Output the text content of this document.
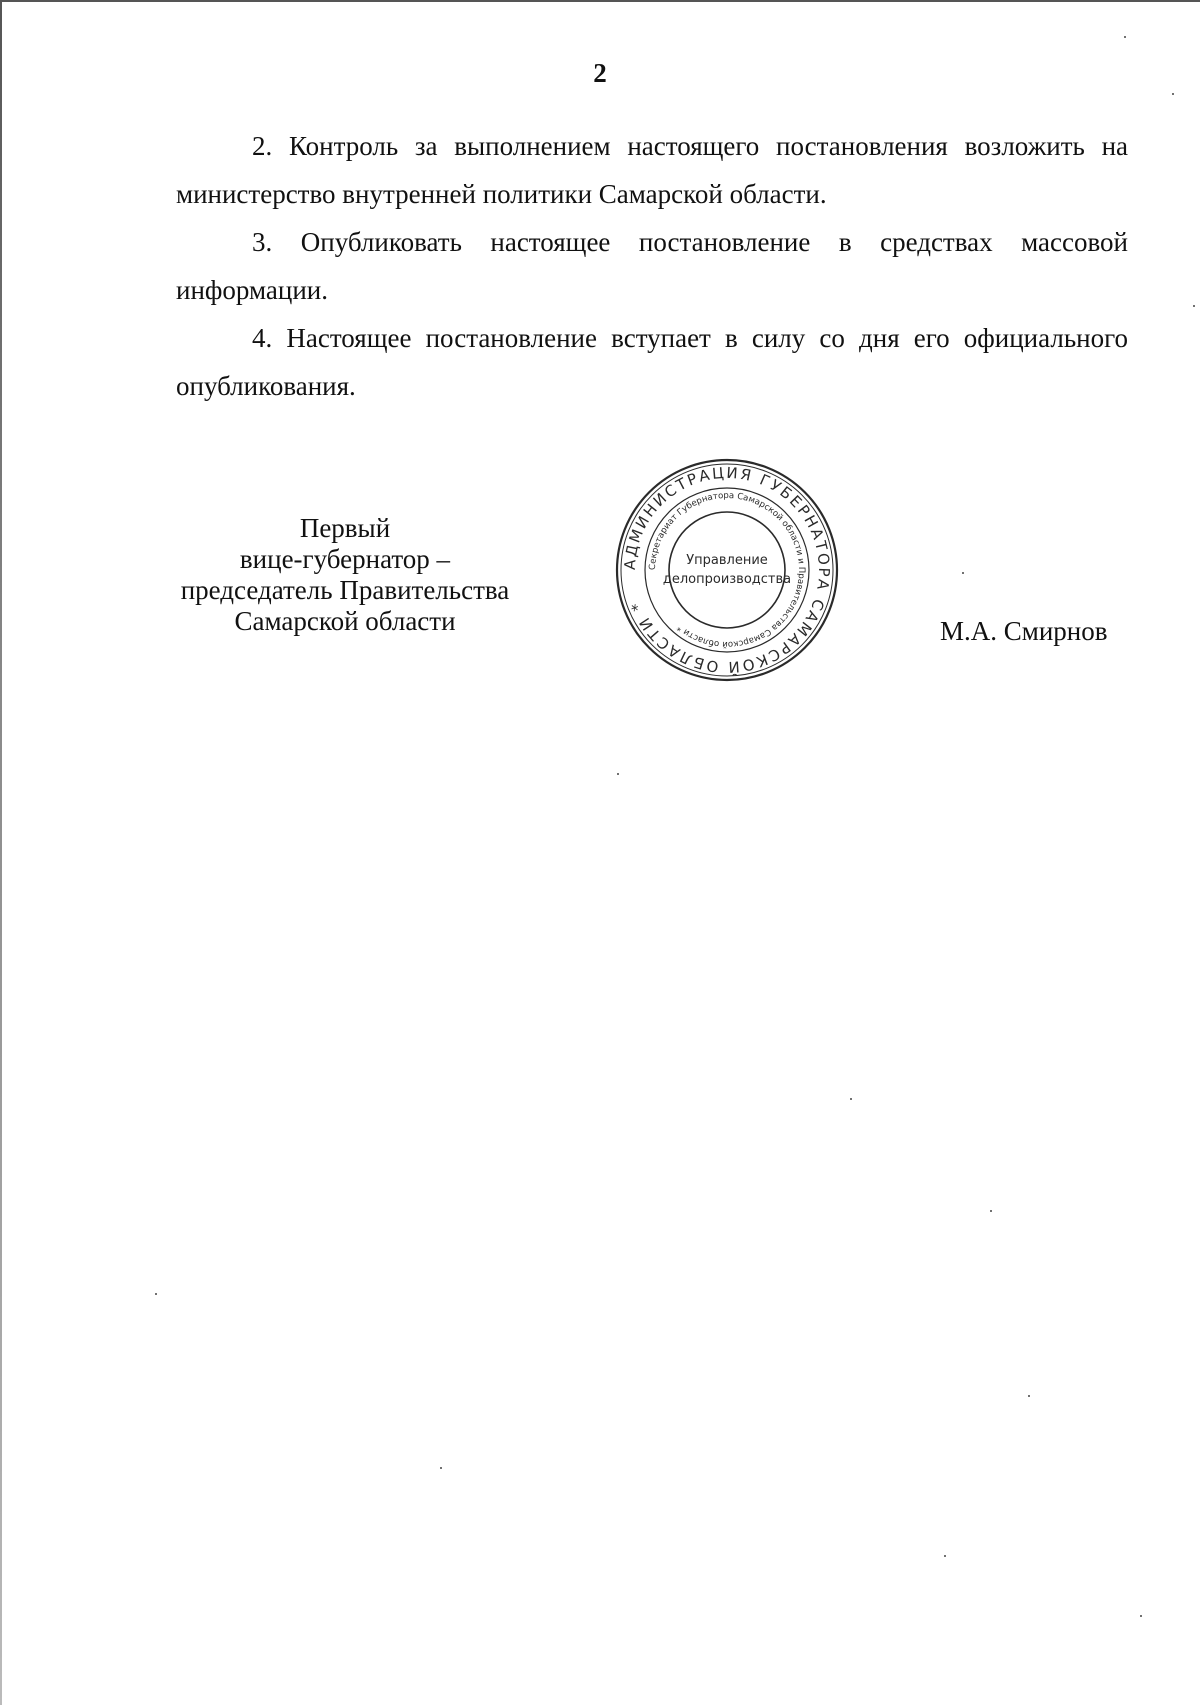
2

2. Контроль за выполнением настоящего постановления возложить на министерство внутренней политики Самарской области.

3. Опубликовать настоящее постановление в средствах массовой информации.

4. Настоящее постановление вступает в силу со дня его официального опубликования.

Первый
вице-губернатор –
председатель Правительства
Самарской области
АДМИНИСТРАЦИЯ ГУБЕРНАТОРА САМАРСКОЙ ОБЛАСТИ *
Секретариат Губернатора Самарской области и Правительства Самарской области *
Управление
делопроизводства
М.А. Смирнов
